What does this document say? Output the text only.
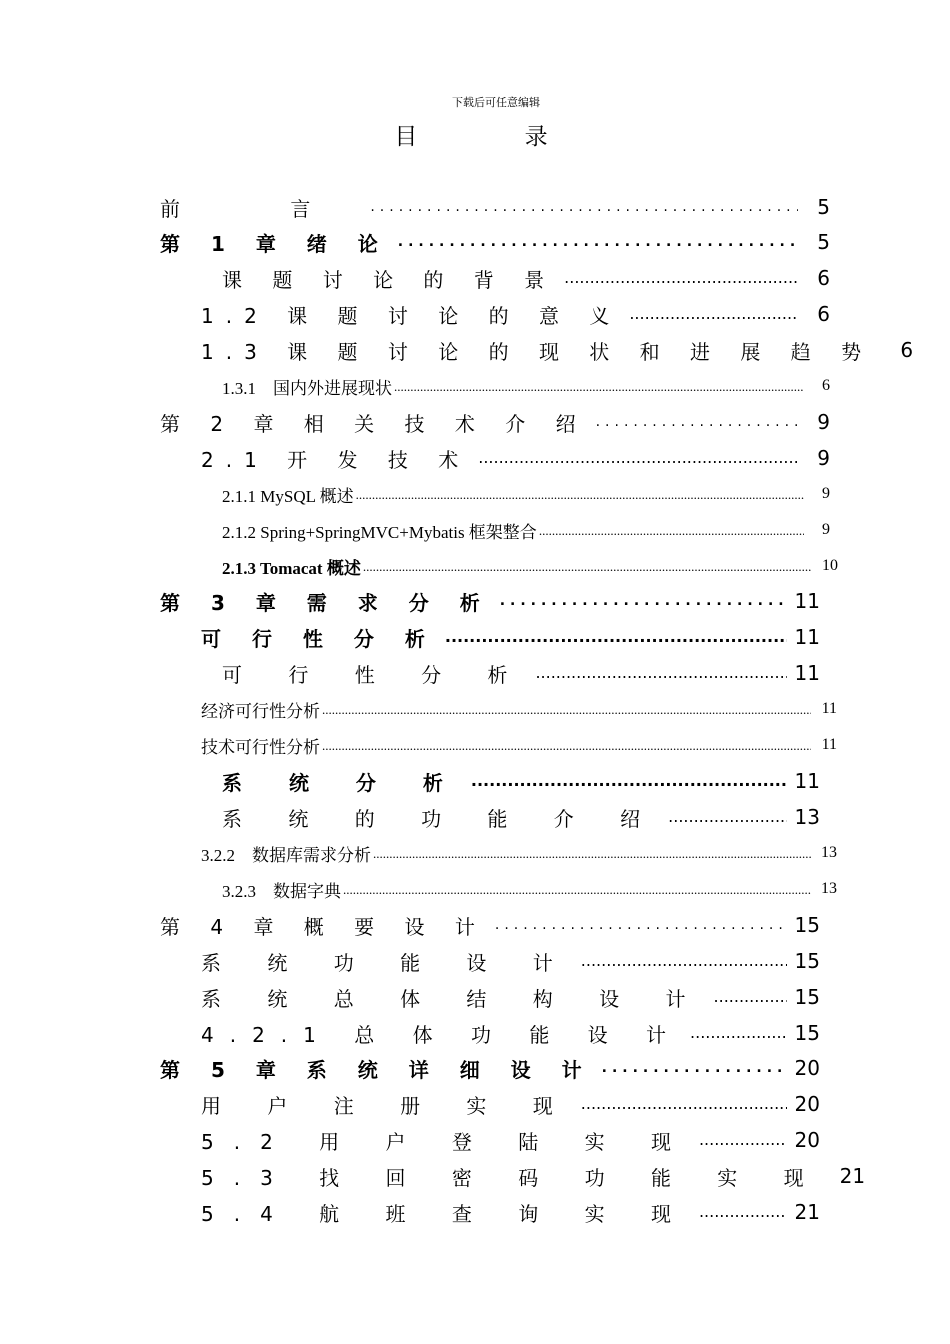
下载后可任意编辑
目 录
前 言 .....	5
第 1 章 绪 论 .....	5
课 题 讨 论 的 背 景 .....	6
1.2 课 题 讨 论 的 意 义 .....	6
1.3 课 题 讨 论 的 现 状 和 进 展 趋 势	6
1.3.1　国内外进展现状 .....	6
第 2 章 相 关 技 术 介 绍 .....	9
2.1 开 发 技 术 .....	9
2.1.1 MySQL 概述 .....	9
2.1.2 Spring+SpringMVC+Mybatis 框架整合 .....	9
2.1.3 Tomacat 概述 .....	10
第 3 章 需 求 分 析 .....	11
可 行 性 分 析 .....	11
可 行 性 分 析 .....	11
经济可行性分析 .....	11
技术可行性分析 .....	11
系 统 分 析 .....	11
系 统 的 功 能 介 绍 .....	13
3.2.2　数据库需求分析 .....	13
3.2.3　数据字典 .....	13
第 4 章 概 要 设 计 .....	15
系 统 功 能 设 计 .....	15
系 统 总 体 结 构 设 计 .....	15
4.2.1 总 体 功 能 设 计 .....	15
第 5 章 系 统 详 细 设 计 .....	20
用 户 注 册 实 现 .....	20
5.2 用 户 登 陆 实 现 .....	20
5.3 找 回 密 码 功 能 实 现 21
5.4 航 班 查 询 实 现 .....	21
